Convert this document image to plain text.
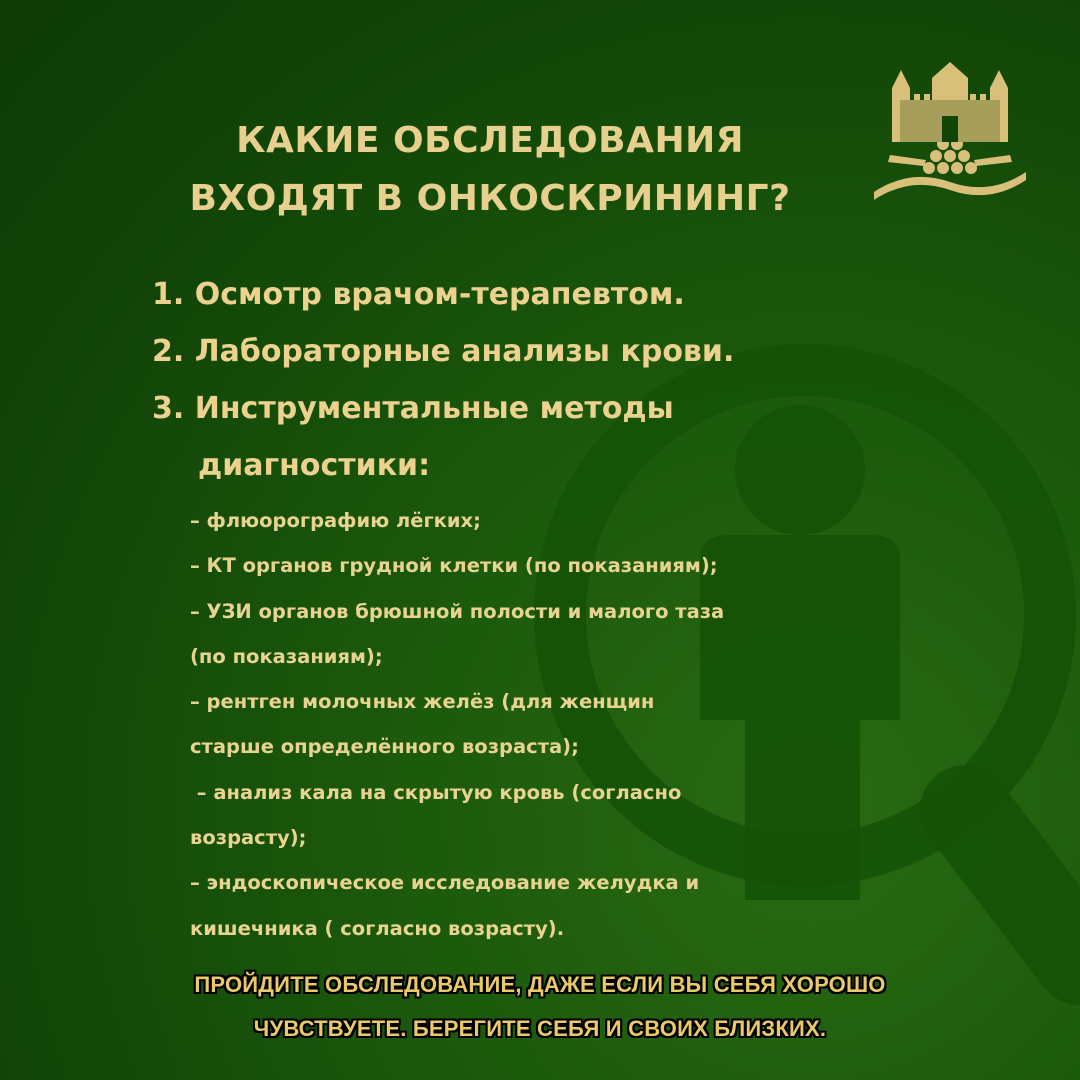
КАКИЕ ОБСЛЕДОВАНИЯ
ВХОДЯТ В ОНКОСКРИНИНГ?
1. Осмотр врачом-терапевтом.
2. Лабораторные анализы крови.
3. Инструментальные методы
диагностики:
– флюорографию лёгких;
– КТ органов грудной клетки (по показаниям);
– УЗИ органов брюшной полости и малого таза
(по показаниям);
– рентген молочных желёз (для женщин
старше определённого возраста);
– анализ кала на скрытую кровь (согласно
возрасту);
– эндоскопическое исследование желудка и
кишечника ( согласно возрасту).
ПРОЙДИТЕ ОБСЛЕДОВАНИЕ, ДАЖЕ ЕСЛИ ВЫ СЕБЯ ХОРОШО
ЧУВСТВУЕТЕ. БЕРЕГИТЕ СЕБЯ И СВОИХ БЛИЗКИХ.
